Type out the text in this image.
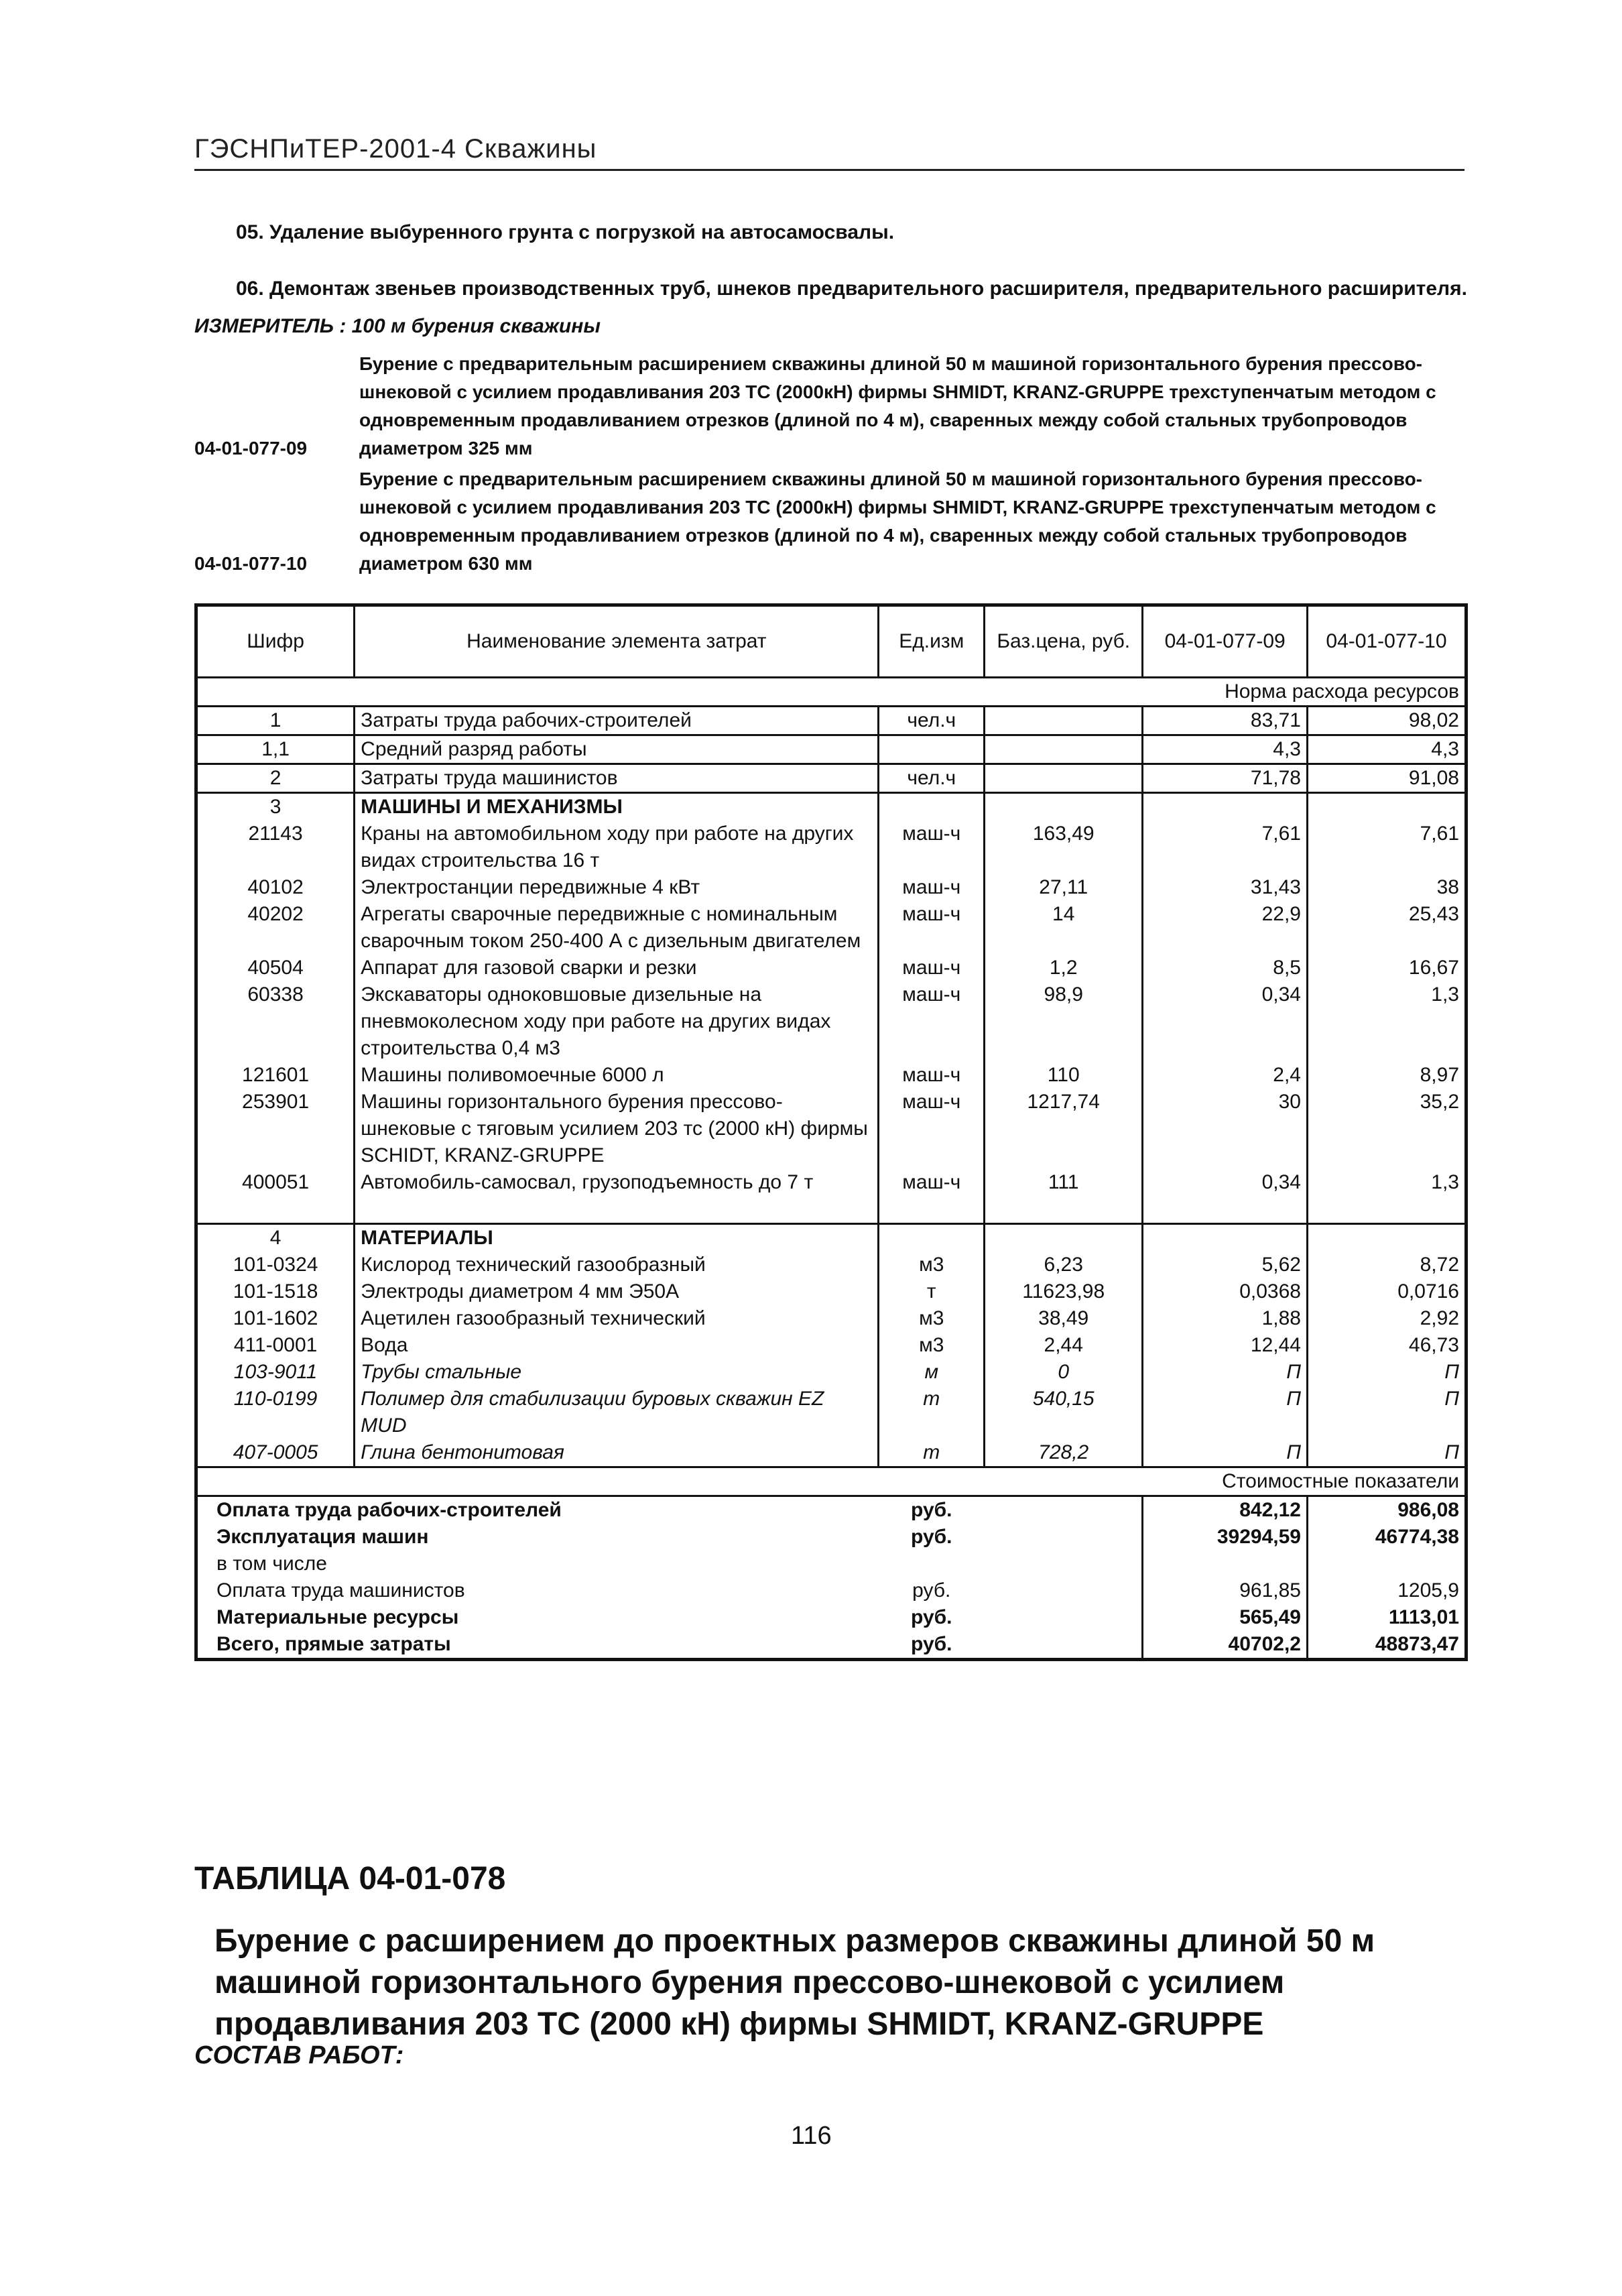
ГЭСНПиТЕР-2001-4 Скважины
05. Удаление выбуренного грунта с погрузкой на автосамосвалы.
06. Демонтаж звеньев производственных труб, шнеков предварительного расширителя, предварительного расширителя.
ИЗМЕРИТЕЛЬ : 100 м бурения скважины
04-01-077-09
Бурение с предварительным расширением скважины длиной 50 м машиной горизонтального бурения прессово-шнековой с усилием продавливания 203 ТС (2000кН) фирмы SHMIDT, KRANZ-GRUPPE трехступенчатым методом с одновременным продавливанием отрезков (длиной по 4 м), сваренных между собой стальных трубопроводов диаметром 325 мм
04-01-077-10
Бурение с предварительным расширением скважины длиной 50 м машиной горизонтального бурения прессово-шнековой с усилием продавливания 203 ТС (2000кН) фирмы SHMIDT, KRANZ-GRUPPE трехступенчатым методом с одновременным продавливанием отрезков (длиной по 4 м), сваренных между собой стальных трубопроводов диаметром 630 мм
Шифр	Наименование элемента затрат	Ед.изм	Баз.цена, руб.	04-01-077-09	04-01-077-10
Норма расхода ресурсов					
1	Затраты труда рабочих-строителей	чел.ч		83,71	98,02
1,1	Средний разряд работы			4,3	4,3
2	Затраты труда машинистов	чел.ч		71,78	91,08
3	МАШИНЫ И МЕХАНИЗМЫ				
21143	Краны на автомобильном ходу при работе на других видах строительства 16 т	маш-ч	163,49	7,61	7,61
40102	Электростанции передвижные 4 кВт	маш-ч	27,11	31,43	38
40202	Агрегаты сварочные передвижные с номинальным сварочным током 250-400 А с дизельным двигателем	маш-ч	14	22,9	25,43
40504	Аппарат для газовой сварки и резки	маш-ч	1,2	8,5	16,67
60338	Экскаваторы одноковшовые дизельные на пневмоколесном ходу при работе на других видах строительства 0,4 м3	маш-ч	98,9	0,34	1,3
121601	Машины поливомоечные 6000 л	маш-ч	110	2,4	8,97
253901	Машины горизонтального бурения прессово-шнековые с тяговым усилием 203 тс (2000 кН) фирмы SCHIDT, KRANZ-GRUPPE	маш-ч	1217,74	30	35,2
400051	Автомобиль-самосвал, грузоподъемность до 7 т	маш-ч	111	0,34	1,3

4	МАТЕРИАЛЫ				
101-0324	Кислород технический газообразный	м3	6,23	5,62	8,72
101-1518	Электроды диаметром 4 мм Э50А	т	11623,98	0,0368	0,0716
101-1602	Ацетилен газообразный технический	м3	38,49	1,88	2,92
411-0001	Вода	м3	2,44	12,44	46,73
103-9011	Трубы стальные	м	0	П	П
110-0199	Полимер для стабилизации буровых скважин EZ MUD	т	540,15	П	П
407-0005	Глина бентонитовая	т	728,2	П	П
Стоимостные показатели					
Оплата труда рабочих-строителей		руб.		842,12	986,08
Эксплуатация машин		руб.		39294,59	46774,38
в том числе					
Оплата труда машинистов		руб.		961,85	1205,9
Материальные ресурсы		руб.		565,49	1113,01
Всего, прямые затраты		руб.		40702,2	48873,47
ТАБЛИЦА 04-01-078
Бурение с расширением до проектных размеров скважины длиной 50 м машиной горизонтального бурения прессово-шнековой с усилием продавливания 203 ТС (2000 кН) фирмы SHMIDT, KRANZ-GRUPPE
СОСТАВ РАБОТ:
116
